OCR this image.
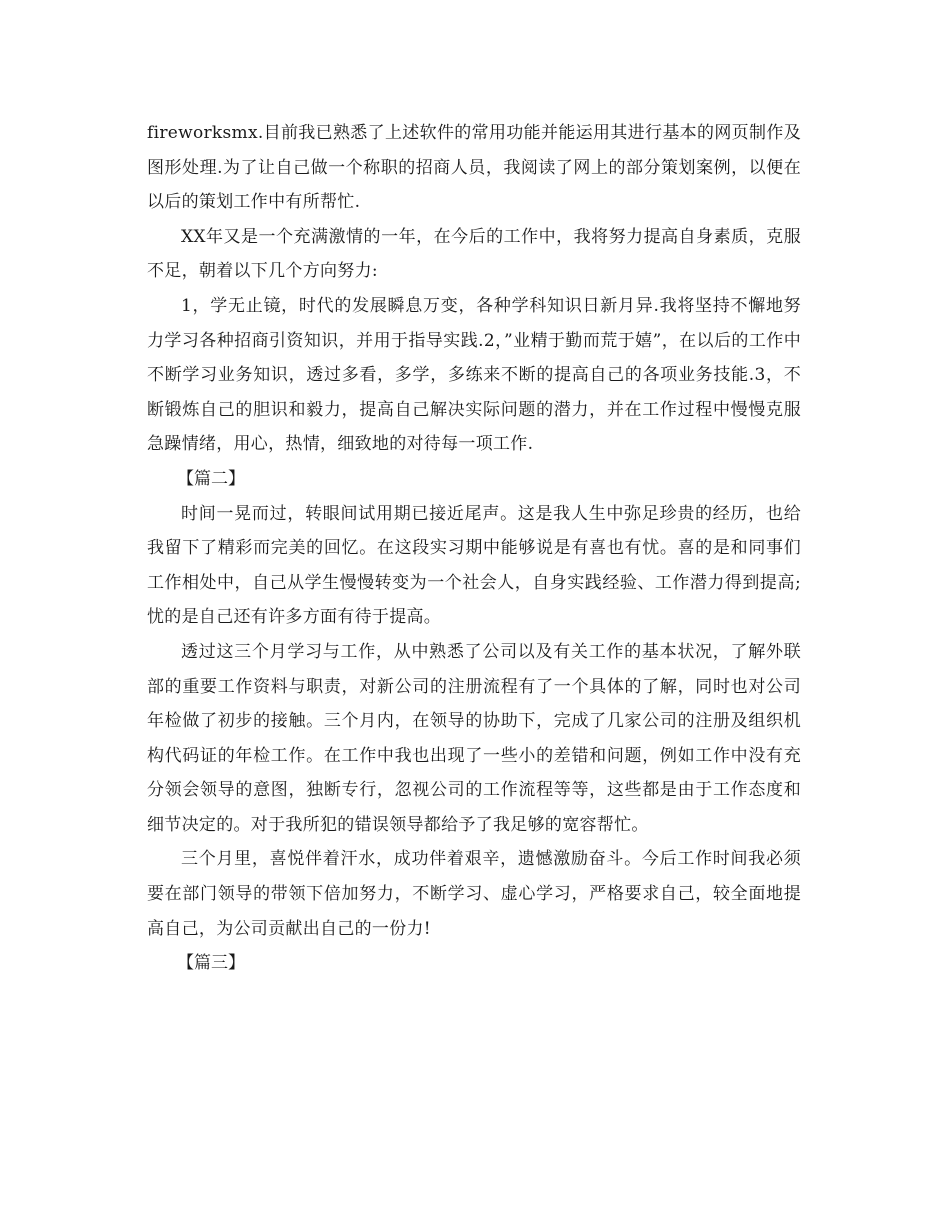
fireworksmx.目前我已熟悉了上述软件的常用功能并能运用其进行基本的网页制作及图形处理.为了让自己做一个称职的招商人员，我阅读了网上的部分策划案例，以便在以后的策划工作中有所帮忙.

XX年又是一个充满激情的一年，在今后的工作中，我将努力提高自身素质，克服不足，朝着以下几个方向努力:

1，学无止镜，时代的发展瞬息万变，各种学科知识日新月异.我将坚持不懈地努力学习各种招商引资知识，并用于指导实践.2，”业精于勤而荒于嬉”，在以后的工作中不断学习业务知识，透过多看，多学，多练来不断的提高自己的各项业务技能.3，不断锻炼自己的胆识和毅力，提高自己解决实际问题的潜力，并在工作过程中慢慢克服急躁情绪，用心，热情，细致地的对待每一项工作.

【篇二】

时间一晃而过，转眼间试用期已接近尾声。这是我人生中弥足珍贵的经历，也给我留下了精彩而完美的回忆。在这段实习期中能够说是有喜也有忧。喜的是和同事们工作相处中，自己从学生慢慢转变为一个社会人，自身实践经验、工作潜力得到提高;忧的是自己还有许多方面有待于提高。

透过这三个月学习与工作，从中熟悉了公司以及有关工作的基本状况，了解外联部的重要工作资料与职责，对新公司的注册流程有了一个具体的了解，同时也对公司年检做了初步的接触。三个月内，在领导的协助下，完成了几家公司的注册及组织机构代码证的年检工作。在工作中我也出现了一些小的差错和问题，例如工作中没有充分领会领导的意图，独断专行，忽视公司的工作流程等等，这些都是由于工作态度和细节决定的。对于我所犯的错误领导都给予了我足够的宽容帮忙。

三个月里，喜悦伴着汗水，成功伴着艰辛，遗憾激励奋斗。今后工作时间我必须要在部门领导的带领下倍加努力，不断学习、虚心学习，严格要求自己，较全面地提高自己，为公司贡献出自己的一份力!

【篇三】
